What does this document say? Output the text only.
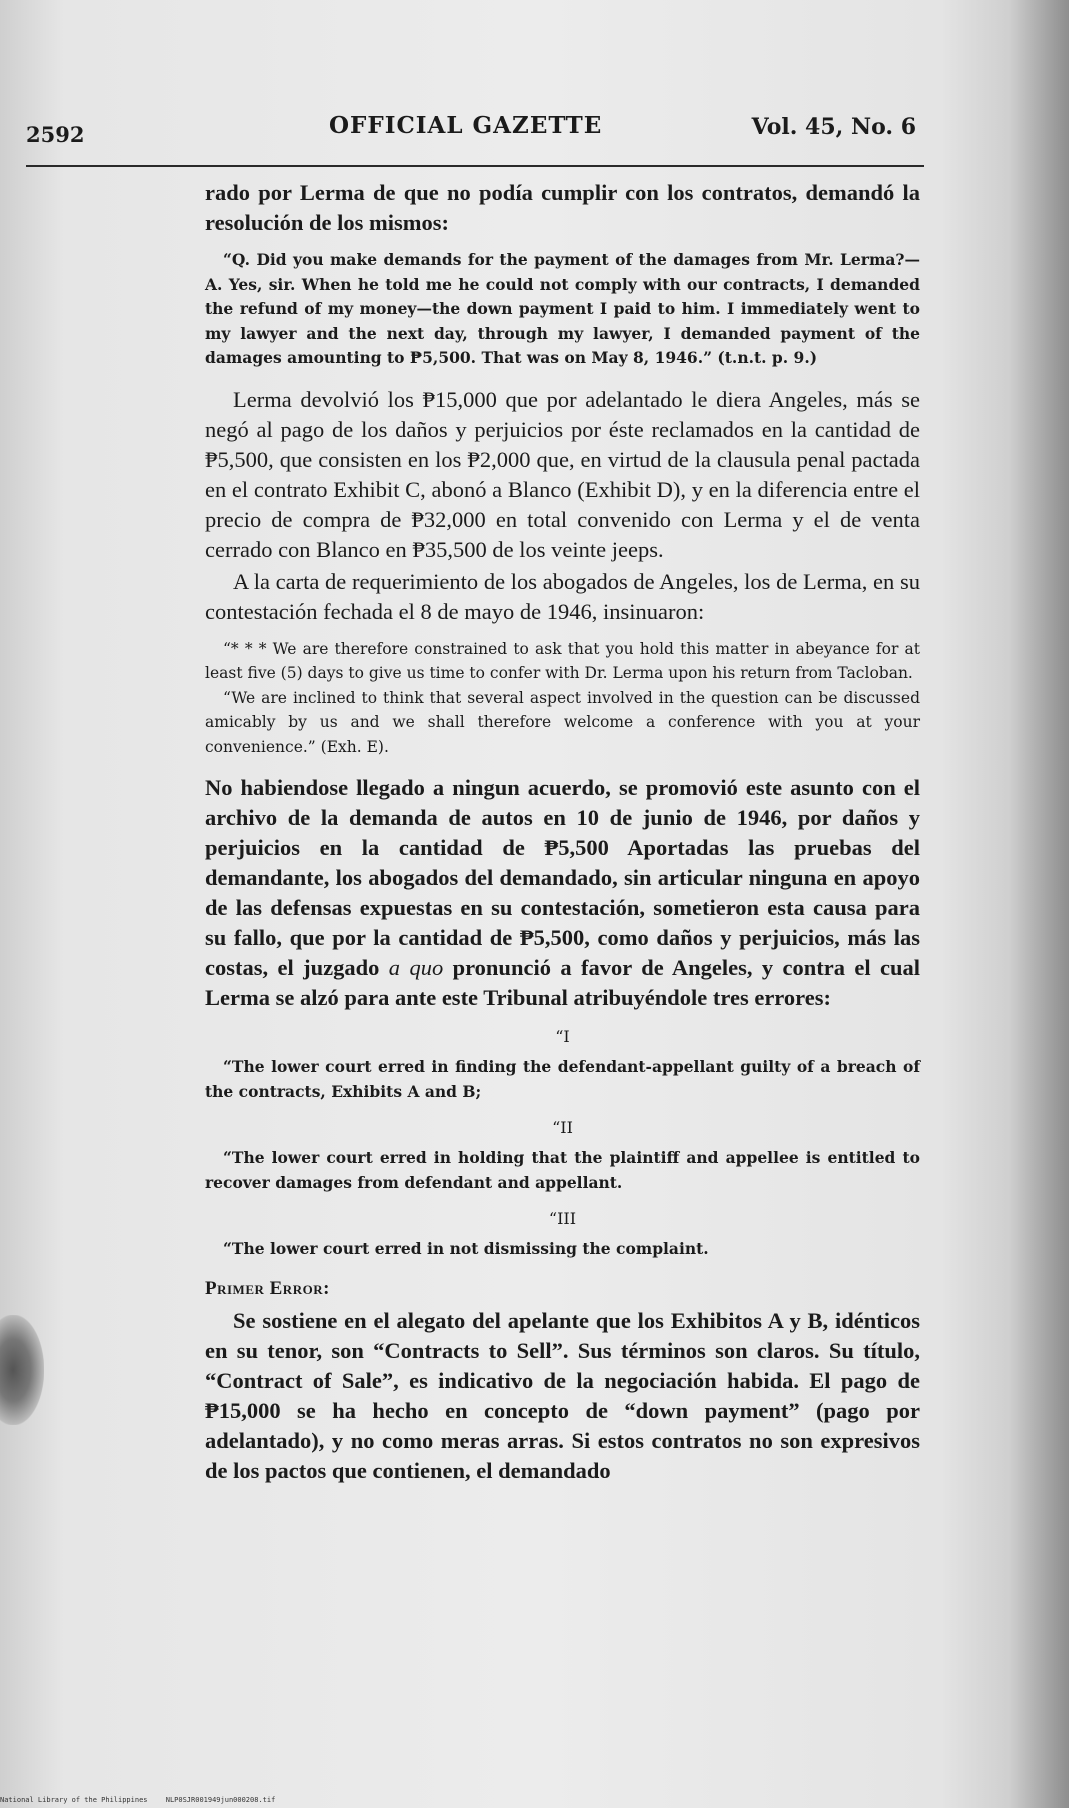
2592	OFFICIAL GAZETTE	Vol. 45, No. 6

rado por Lerma de que no podía cumplir con los contratos, demandó la resolución de los mismos:

“Q. Did you make demands for the payment of the damages from Mr. Lerma?—A. Yes, sir. When he told me he could not comply with our contracts, I demanded the refund of my money—the down payment I paid to him. I immediately went to my lawyer and the next day, through my lawyer, I demanded payment of the damages amounting to ₱5,500. That was on May 8, 1946.” (t.n.t. p. 9.)

Lerma devolvió los ₱15,000 que por adelantado le diera Angeles, más se negó al pago de los daños y perjuicios por éste reclamados en la cantidad de ₱5,500, que consisten en los ₱2,000 que, en virtud de la clausula penal pactada en el contrato Exhibit C, abonó a Blanco (Exhibit D), y en la diferencia entre el precio de compra de ₱32,000 en total convenido con Lerma y el de venta cerrado con Blanco en ₱35,500 de los veinte jeeps.

A la carta de requerimiento de los abogados de Angeles, los de Lerma, en su contestación fechada el 8 de mayo de 1946, insinuaron:

“* * * We are therefore constrained to ask that you hold this matter in abeyance for at least five (5) days to give us time to confer with Dr. Lerma upon his return from Tacloban.

“We are inclined to think that several aspect involved in the question can be discussed amicably by us and we shall therefore welcome a conference with you at your convenience.” (Exh. E).

No habiendose llegado a ningun acuerdo, se promovió este asunto con el archivo de la demanda de autos en 10 de junio de 1946, por daños y perjuicios en la cantidad de ₱5,500 Aportadas las pruebas del demandante, los abogados del demandado, sin articular ninguna en apoyo de las defensas expuestas en su contestación, sometieron esta causa para su fallo, que por la cantidad de ₱5,500, como daños y perjuicios, más las costas, el juzgado a quo pronunció a favor de Angeles, y contra el cual Lerma se alzó para ante este Tribunal atribuyéndole tres errores:

“I

“The lower court erred in finding the defendant-appellant guilty of a breach of the contracts, Exhibits A and B;

“II

“The lower court erred in holding that the plaintiff and appellee is entitled to recover damages from defendant and appellant.

“III

“The lower court erred in not dismissing the complaint.

Primer Error:

Se sostiene en el alegato del apelante que los Exhibitos A y B, idénticos en su tenor, son “Contracts to Sell”. Sus términos son claros. Su título, “Contract of Sale”, es indicativo de la negociación habida. El pago de ₱15,000 se ha hecho en concepto de “down payment” (pago por adelantado), y no como meras arras. Si estos contratos no son expresivos de los pactos que contienen, el demandado

National Library of the Philippines	NLP0SJR001949jun000208.tif
